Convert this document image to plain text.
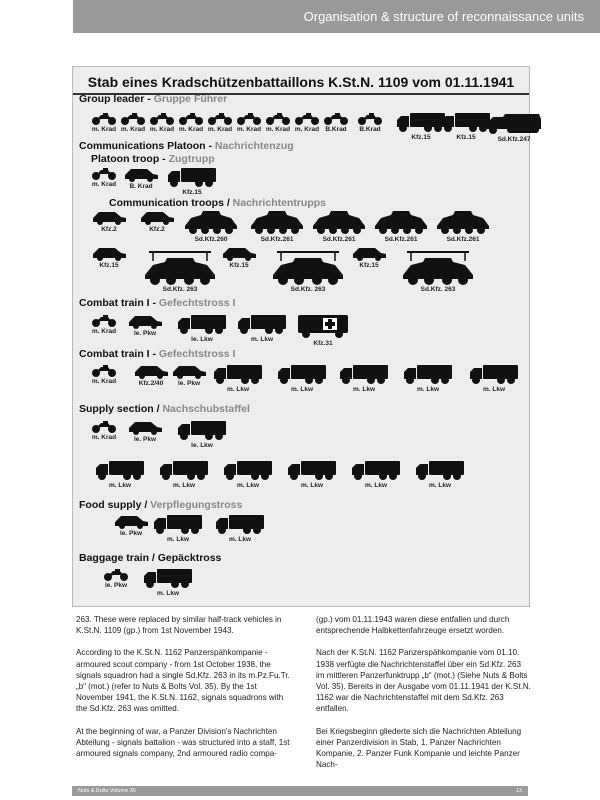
Organisation & structure of reconnaissance units
Stab eines Kradschützenbattaillons K.St.N. 1109 vom 01.11.1941
Group leader - Gruppe Führer
Communications Platoon - Nachrichtenzug
Platoon troop - Zugtrupp
Communication troops / Nachrichtentrupps
Combat train I - Gefechtstross I
Combat train I - Gefechtstross I
Supply section / Nachschubstaffel
Food supply / Verpflegungstross
Baggage train / Gepäcktross
m. Krad m. Krad m. Krad m. Krad m. Krad m. Krad m. Krad m. Krad B.Krad	B.Krad
Kfz.15	Kfz.15	Sd.Kfz.247
m. Krad	B. Krad
Kfz.15
Kfz.2	Kfz.2
Sd.Kfz.260	Sd.Kfz.261	Sd.Kfz.261	Sd.Kfz.261	Sd.Kfz.261
Kfz.15
Sd.Kfz. 263
Kfz.15
Sd.Kfz. 263
Kfz.15
Sd.Kfz. 263
m. Krad	le. Pkw
le. Lkw	m. Lkw
Kfz.31
m. Krad	Kfz.2/40	le. Pkw
m. Lkw	m. Lkw	m. Lkw	m. Lkw	m. Lkw
m. Krad	le. Pkw
le. Lkw
m. Lkw	m. Lkw	m. Lkw	m. Lkw	m. Lkw	m. Lkw
le. Pkw
m. Lkw	m. Lkw
le. Pkw
m. Lkw

263. These were replaced by similar half-track vehicles in K.St.N. 1109 (gp.) from 1st November 1943.

According to the K.St.N. 1162 Panzerspähkompanie - armoured scout company - from 1st October 1938, the signals squadron had a single Sd.Kfz. 263 in its m.Pz.Fu.Tr. „b“ (mot.) (refer to Nuts & Bolts Vol. 35). By the 1st November 1941, the K.St.N. 1162, signals squadrons with the Sd.Kfz. 263 was omitted.

At the beginning of war, a Panzer Division's Nachrichten Abteilung - signals battalion - was structured into a staff, 1st armoured signals company, 2nd armoured radio compa-

(gp.) vom 01.11.1943 waren diese entfallen und durch entsprechende Halbkettenfahrzeuge ersetzt worden.

Nach der K.St.N. 1162 Panzerspähkompanie vom 01.10. 1938 verfügte die Nachrichtenstaffel über ein Sd.Kfz. 263 im mittleren Panzerfunktrupp „b“ (mot.) (Siehe Nuts & Bolts Vol. 35). Bereits in der Ausgabe vom 01.11.1941 der K.St.N. 1162 war die Nachrichtenstaffel mit dem Sd.Kfz. 263 entfallen.

Bei Kriegsbeginn gliederte sich die Nachrichten Abteilung einer Panzerdivision in Stab, 1. Panzer Nachrichten Kompanie, 2. Panzer Funk Kompanie und leichte Panzer Nach-

Nuts & Bolts Volume 36	13
